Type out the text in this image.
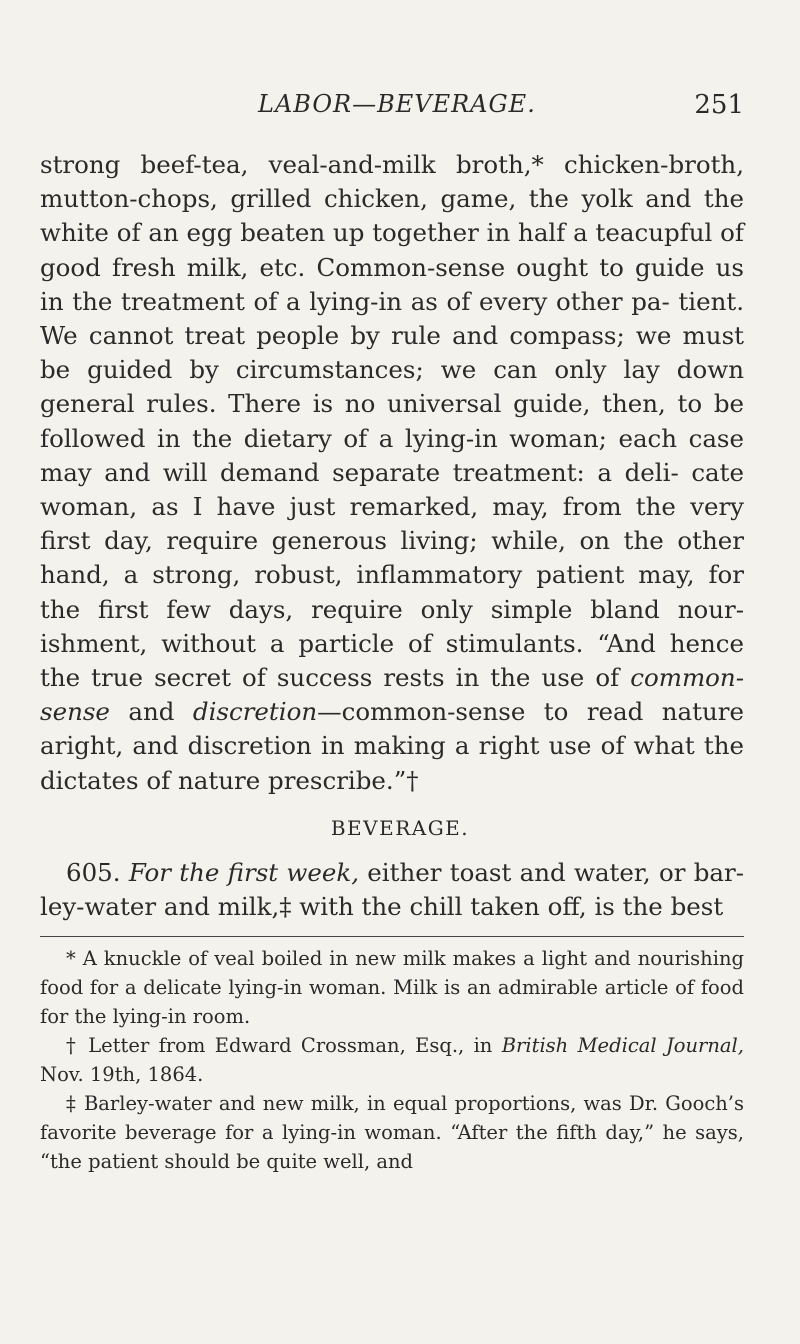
LABOR—BEVERAGE.	251

strong beef-tea, veal-and-milk broth,* chicken-broth, mutton-chops, grilled chicken, game, the yolk and the white of an egg beaten up together in half a teacupful of good fresh milk, etc. Common-sense ought to guide us in the treatment of a lying-in as of every other pa- tient. We cannot treat people by rule and compass; we must be guided by circumstances; we can only lay down general rules. There is no universal guide, then, to be followed in the dietary of a lying-in woman; each case may and will demand separate treatment: a deli- cate woman, as I have just remarked, may, from the very first day, require generous living; while, on the other hand, a strong, robust, inflammatory patient may, for the first few days, require only simple bland nour- ishment, without a particle of stimulants. “And hence the true secret of success rests in the use of common- sense and discretion—common-sense to read nature aright, and discretion in making a right use of what the dictates of nature prescribe.”†

BEVERAGE.
605. For the first week, either toast and water, or bar- ley-water and milk,‡ with the chill taken off, is the best

* A knuckle of veal boiled in new milk makes a light and nourishing food for a delicate lying-in woman. Milk is an admirable article of food for the lying-in room.

† Letter from Edward Crossman, Esq., in British Medical Journal, Nov. 19th, 1864.

‡ Barley-water and new milk, in equal proportions, was Dr. Gooch’s favorite beverage for a lying-in woman. “After the fifth day,” he says, “the patient should be quite well, and
